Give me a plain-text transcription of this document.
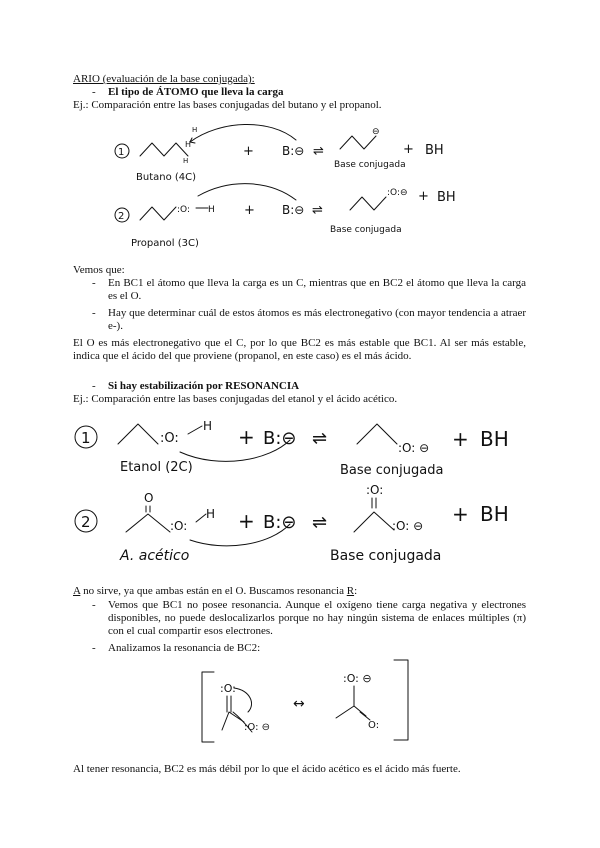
ARIO (evaluación de la base conjugada):
- El tipo de ÁTOMO que lleva la carga
Ej.: Comparación entre las bases conjugadas del butano y el propanol.
1
H
H
H
+ B:⊖ ⇌
⊖
Base conjugada
+ BH
Butano (4C)
2
:O: H + B:⊖ ⇌
:O:⊖
Base conjugada
+ BH
Propanol (3C)
Vemos que:
- En BC1 el átomo que lleva la carga es un C, mientras que en BC2 el átomo que lleva la carga es el O.
- Hay que determinar cuál de estos átomos es más electronegativo (con mayor tendencia a atraer e-).
El O es más electronegativo que el C, por lo que BC2 es más estable que BC1. Al ser más estable, indica que el ácido del que proviene (propanol, en este caso) es el más ácido.
- Si hay estabilización por RESONANCIA
Ej.: Comparación entre las bases conjugadas del etanol y el ácido acético.
1	:O:
H + B:⊖ ⇌	:O: ⊖ + BH
Etanol (2C)	Base conjugada
2
O
:O:
H + B:⊖ ⇌
:O:
:O: ⊖ + BH
A. acético	Base conjugada
A no sirve, ya que ambas están en el O. Buscamos resonancia R:
- Vemos que BC1 no posee resonancia. Aunque el oxígeno tiene carga negativa y electrones disponibles, no puede deslocalizarlos porque no hay ningún sistema de enlaces múltiples (π) con el cual compartir esos electrones.
- Analizamos la resonancia de BC2:
:O:
:O: ⊖
↔
:O: ⊖
O:
Al tener resonancia, BC2 es más débil por lo que el ácido acético es el ácido más fuerte.
